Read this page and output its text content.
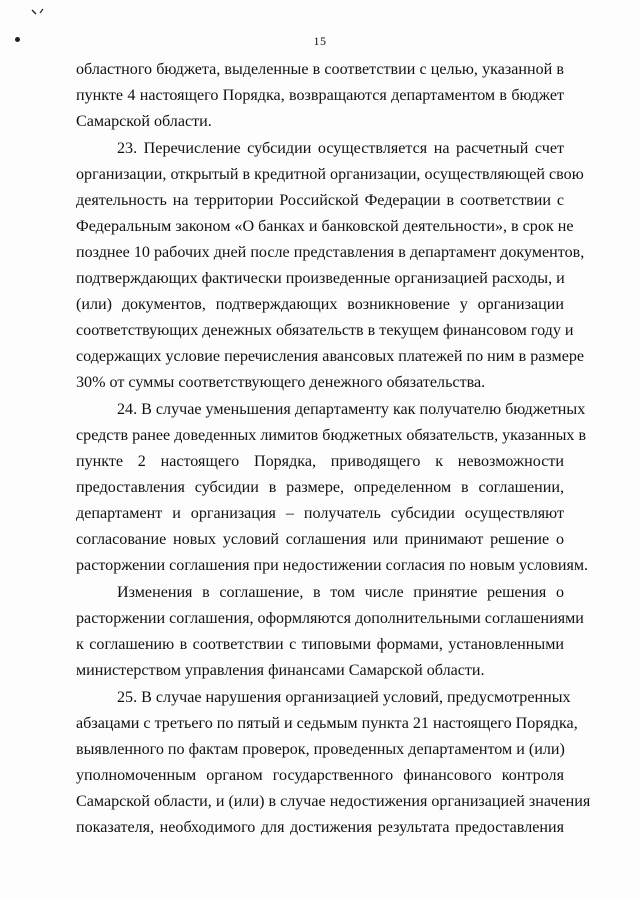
15
областного бюджета, выделенные в соответствии с целью, указанной в
пункте 4 настоящего Порядка, возвращаются департаментом в бюджет
Самарской области.
23. Перечисление субсидии осуществляется на расчетный счет
организации, открытый в кредитной организации, осуществляющей свою
деятельность на территории Российской Федерации в соответствии с
Федеральным законом «О банках и банковской деятельности», в срок не
позднее 10 рабочих дней после представления в департамент документов,
подтверждающих фактически произведенные организацией расходы, и
(или) документов, подтверждающих возникновение у организации
соответствующих денежных обязательств в текущем финансовом году и
содержащих условие перечисления авансовых платежей по ним в размере
30% от суммы соответствующего денежного обязательства.
24. В случае уменьшения департаменту как получателю бюджетных
средств ранее доведенных лимитов бюджетных обязательств, указанных в
пункте 2 настоящего Порядка, приводящего к невозможности
предоставления субсидии в размере, определенном в соглашении,
департамент и организация – получатель субсидии осуществляют
согласование новых условий соглашения или принимают решение о
расторжении соглашения при недостижении согласия по новым условиям.
Изменения в соглашение, в том числе принятие решения о
расторжении соглашения, оформляются дополнительными соглашениями
к соглашению в соответствии с типовыми формами, установленными
министерством управления финансами Самарской области.
25. В случае нарушения организацией условий, предусмотренных
абзацами с третьего по пятый и седьмым пункта 21 настоящего Порядка,
выявленного по фактам проверок, проведенных департаментом и (или)
уполномоченным органом государственного финансового контроля
Самарской области, и (или) в случае недостижения организацией значения
показателя, необходимого для достижения результата предоставления
